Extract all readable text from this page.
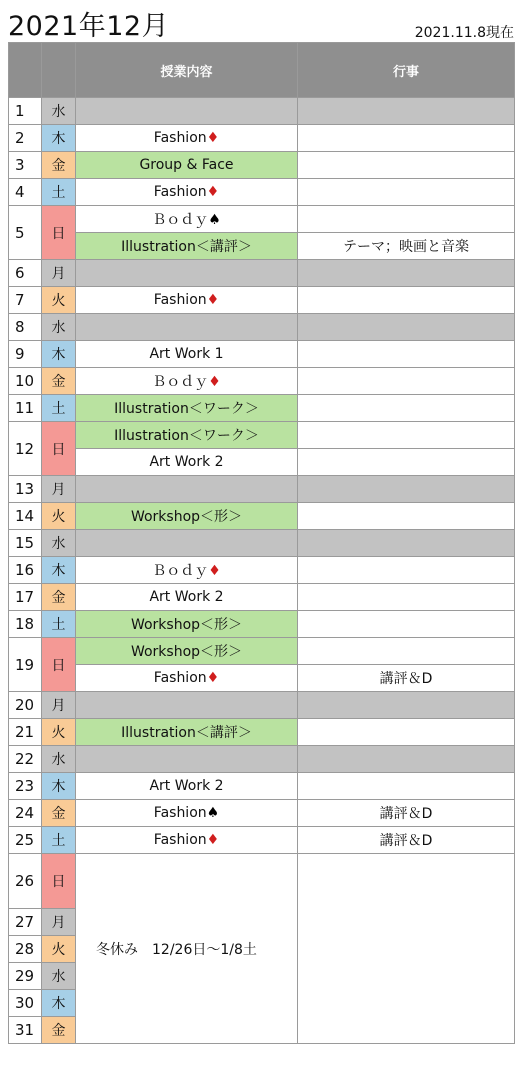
2021年12月	2021.11.8現在
		授業内容	行事
1	水		
2	木	Fashion♦	
3	金	Group & Face	
4	土	Fashion♦	
5	日	Ｂｏｄｙ♠	
		Illustration＜講評＞	テーマ；映画と音楽
6	月		
7	火	Fashion♦	
8	水		
9	木	Art Work 1	
10	金	Ｂｏｄｙ♦	
11	土	Illustration＜ワーク＞	
12	日	Illustration＜ワーク＞	
		Art Work 2	
13	月		
14	火	Workshop＜形＞	
15	水		
16	木	Ｂｏｄｙ♦	
17	金	Art Work 2	
18	土	Workshop＜形＞	
19	日	Workshop＜形＞	
		Fashion♦	講評＆D
20	月		
21	火	Illustration＜講評＞	
22	水		
23	木	Art Work 2	
24	金	Fashion♠	講評＆D
25	土	Fashion♦	講評＆D
26	日	冬休み　12/26日〜1/8土	
27	月		
28	火		
29	水		
30	木		
31	金		
